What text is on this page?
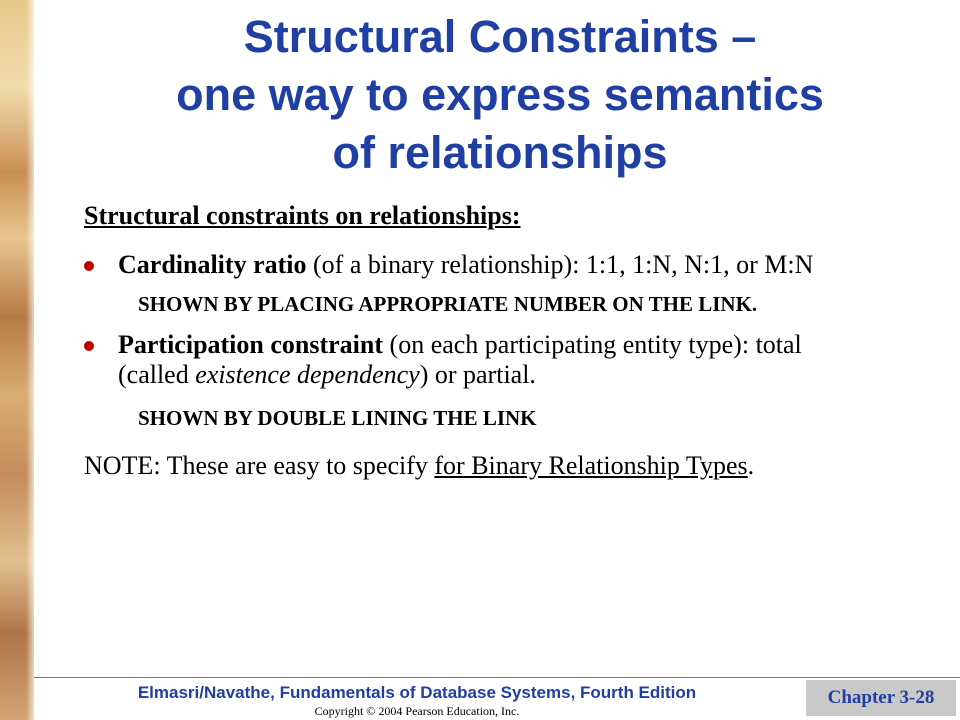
Structural Constraints –
one way to express semantics
of relationships

Structural constraints on relationships:

Cardinality ratio (of a binary relationship): 1:1, 1:N, N:1, or M:N
SHOWN BY PLACING APPROPRIATE NUMBER ON THE LINK.
Participation constraint (on each participating entity type): total (called existence dependency) or partial.
SHOWN BY DOUBLE LINING THE LINK

NOTE: These are easy to specify for Binary Relationship Types.

Elmasri/Navathe, Fundamentals of Database Systems, Fourth Edition
Copyright © 2004 Pearson Education, Inc.
Chapter 3-28
